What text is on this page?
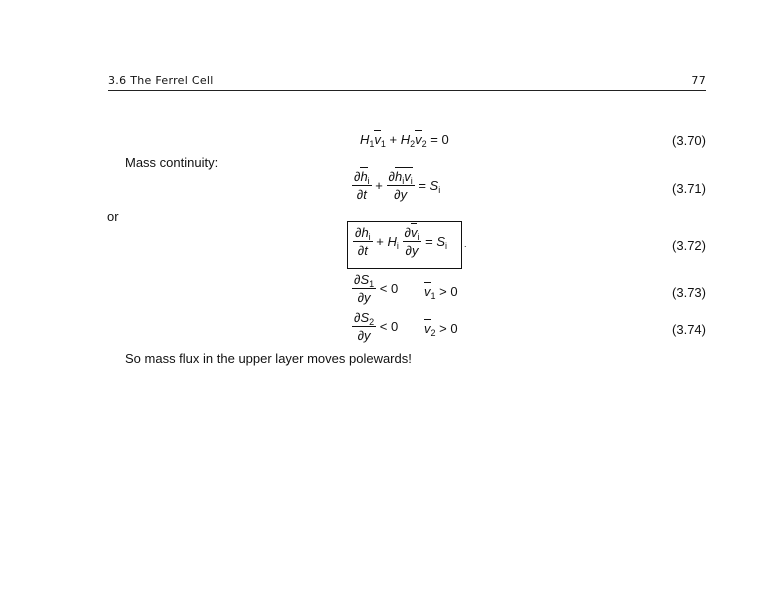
3.6 The Ferrel Cell	77
$H_1v_1 + H_2v_2 = 0$	(3.70)
Mass continuity:
$\frac{\partial h_i}{\partial t} + \frac{\partial h_iv_i}{\partial y} = S_i$	(3.71)
or
$\frac{\partial h_i}{\partial t} + H_i \frac{\partial v_i}{\partial y} = S_i$ .	(3.72)
$\frac{\partial S_1}{\partial y} < 0$ $v_1 > 0$	(3.73)
$\frac{\partial S_2}{\partial y} < 0$ $v_2 > 0$	(3.74)
So mass flux in the upper layer moves polewards!
